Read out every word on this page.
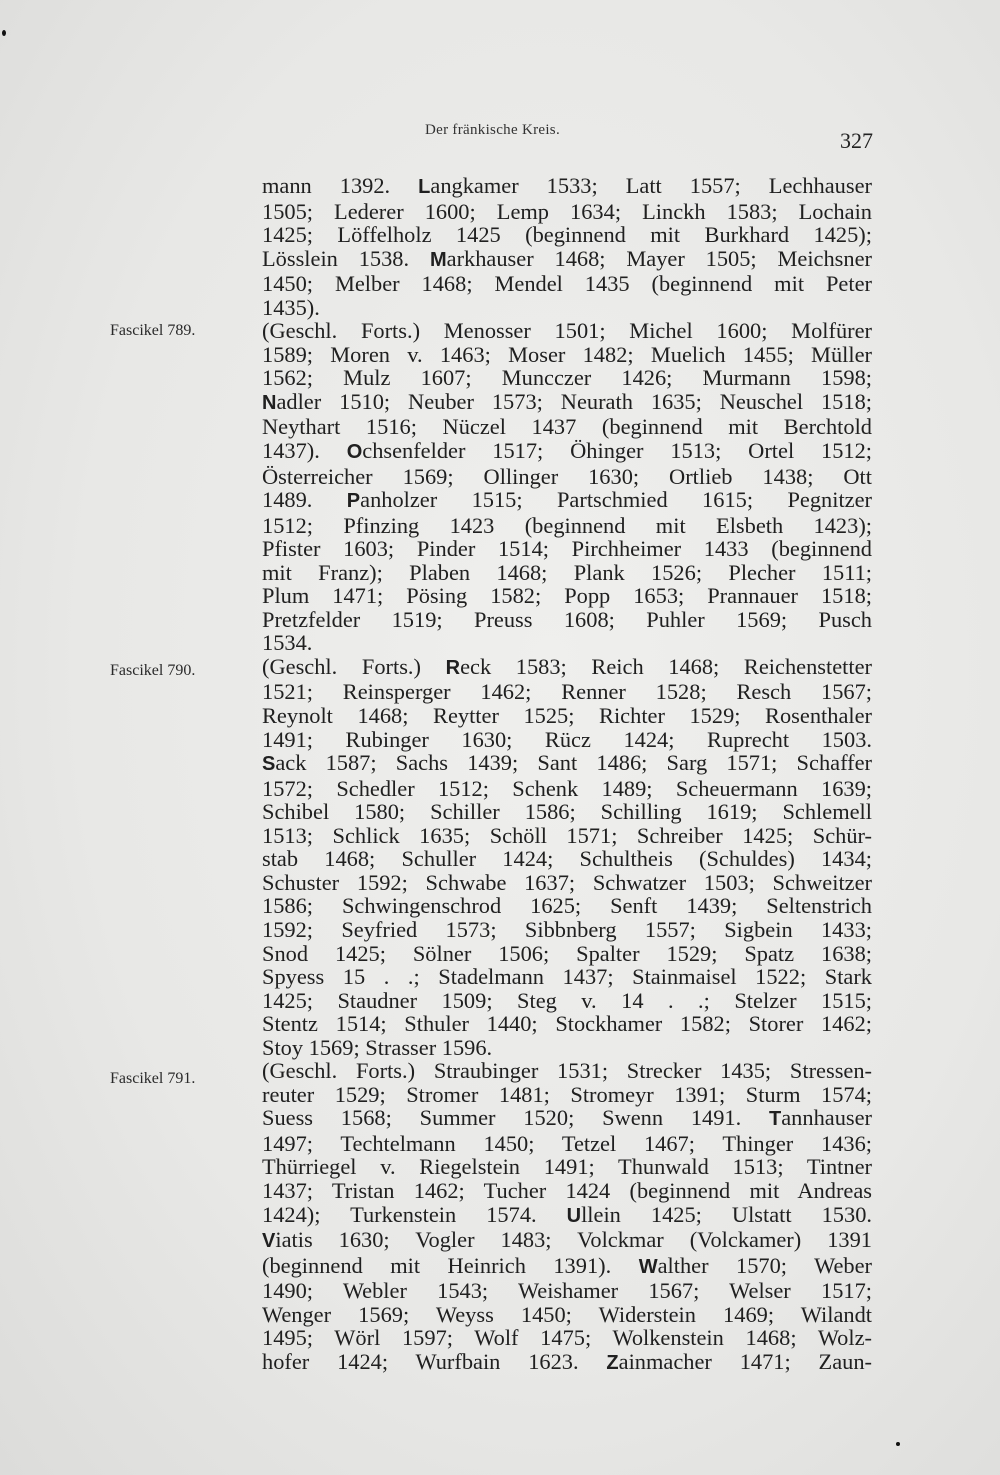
Der fränkische Kreis.	327
Fascikel 789.
Fascikel 790.
Fascikel 791.
mann 1392. Langkamer 1533; Latt 1557; Lechhauser
1505; Lederer 1600; Lemp 1634; Linckh 1583; Lochain
1425; Löffelholz 1425 (beginnend mit Burkhard 1425);
Lösslein 1538. Markhauser 1468; Mayer 1505; Meichsner
1450; Melber 1468; Mendel 1435 (beginnend mit Peter
1435).
(Geschl. Forts.) Menosser 1501; Michel 1600; Molfürer
1589; Moren v. 1463; Moser 1482; Muelich 1455; Müller
1562; Mulz 1607; Muncczer 1426; Murmann 1598;
Nadler 1510; Neuber 1573; Neurath 1635; Neuschel 1518;
Neythart 1516; Nüczel 1437 (beginnend mit Berchtold
1437). Ochsenfelder 1517; Öhinger 1513; Ortel 1512;
Österreicher 1569; Ollinger 1630; Ortlieb 1438; Ott
1489. Panholzer 1515; Partschmied 1615; Pegnitzer
1512; Pfinzing 1423 (beginnend mit Elsbeth 1423);
Pfister 1603; Pinder 1514; Pirchheimer 1433 (beginnend
mit Franz); Plaben 1468; Plank 1526; Plecher 1511;
Plum 1471; Pösing 1582; Popp 1653; Prannauer 1518;
Pretzfelder 1519; Preuss 1608; Puhler 1569; Pusch
1534.
(Geschl. Forts.) Reck 1583; Reich 1468; Reichenstetter
1521; Reinsperger 1462; Renner 1528; Resch 1567;
Reynolt 1468; Reytter 1525; Richter 1529; Rosenthaler
1491; Rubinger 1630; Rücz 1424; Ruprecht 1503.
Sack 1587; Sachs 1439; Sant 1486; Sarg 1571; Schaffer
1572; Schedler 1512; Schenk 1489; Scheuermann 1639;
Schibel 1580; Schiller 1586; Schilling 1619; Schlemell
1513; Schlick 1635; Schöll 1571; Schreiber 1425; Schür-
stab 1468; Schuller 1424; Schultheis (Schuldes) 1434;
Schuster 1592; Schwabe 1637; Schwatzer 1503; Schweitzer
1586; Schwingenschrod 1625; Senft 1439; Seltenstrich
1592; Seyfried 1573; Sibbnberg 1557; Sigbein 1433;
Snod 1425; Sölner 1506; Spalter 1529; Spatz 1638;
Spyess 15 . .; Stadelmann 1437; Stainmaisel 1522; Stark
1425; Staudner 1509; Steg v. 14 . .; Stelzer 1515;
Stentz 1514; Sthuler 1440; Stockhamer 1582; Storer 1462;
Stoy 1569; Strasser 1596.
(Geschl. Forts.) Straubinger 1531; Strecker 1435; Stressen-
reuter 1529; Stromer 1481; Stromeyr 1391; Sturm 1574;
Suess 1568; Summer 1520; Swenn 1491. Tannhauser
1497; Techtelmann 1450; Tetzel 1467; Thinger 1436;
Thürriegel v. Riegelstein 1491; Thunwald 1513; Tintner
1437; Tristan 1462; Tucher 1424 (beginnend mit Andreas
1424); Turkenstein 1574. Ullein 1425; Ulstatt 1530.
Viatis 1630; Vogler 1483; Volckmar (Volckamer) 1391
(beginnend mit Heinrich 1391). Walther 1570; Weber
1490; Webler 1543; Weishamer 1567; Welser 1517;
Wenger 1569; Weyss 1450; Widerstein 1469; Wilandt
1495; Wörl 1597; Wolf 1475; Wolkenstein 1468; Wolz-
hofer 1424; Wurfbain 1623. Zainmacher 1471; Zaun-
